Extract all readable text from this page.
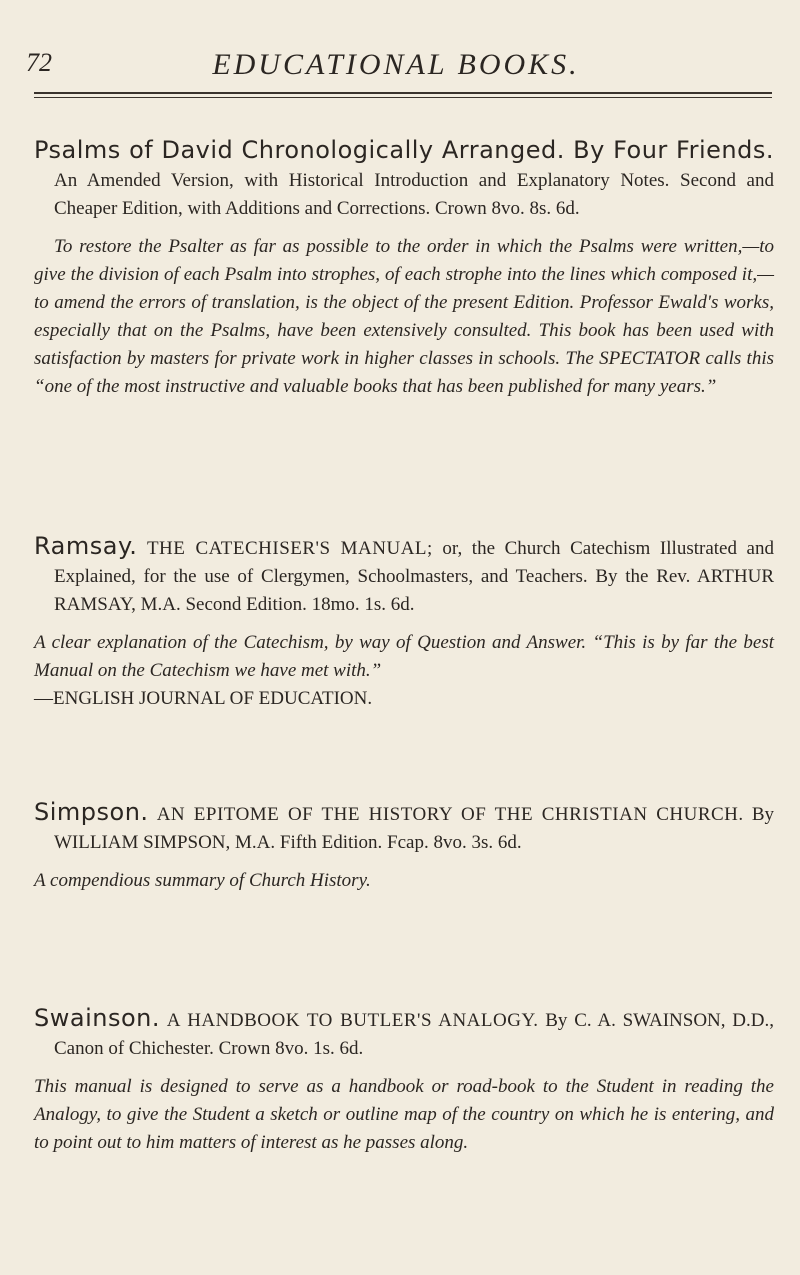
72	EDUCATIONAL BOOKS.

Psalms of David Chronologically Arranged. By Four Friends. An Amended Version, with Historical Introduction and Explanatory Notes. Second and Cheaper Edition, with Additions and Corrections. Crown 8vo. 8s. 6d.

To restore the Psalter as far as possible to the order in which the Psalms were written,—to give the division of each Psalm into strophes, of each strophe into the lines which composed it,—to amend the errors of translation, is the object of the present Edition. Professor Ewald's works, especially that on the Psalms, have been extensively consulted. This book has been used with satisfaction by masters for private work in higher classes in schools. The SPECTATOR calls this “one of the most instructive and valuable books that has been published for many years.”

Ramsay. THE CATECHISER'S MANUAL; or, the Church Catechism Illustrated and Explained, for the use of Clergymen, Schoolmasters, and Teachers. By the Rev. ARTHUR RAMSAY, M.A. Second Edition. 18mo. 1s. 6d.

A clear explanation of the Catechism, by way of Question and Answer. “This is by far the best Manual on the Catechism we have met with.”

—ENGLISH JOURNAL OF EDUCATION.

Simpson. AN EPITOME OF THE HISTORY OF THE CHRISTIAN CHURCH. By WILLIAM SIMPSON, M.A. Fifth Edition. Fcap. 8vo. 3s. 6d.

A compendious summary of Church History.

Swainson. A HANDBOOK TO BUTLER'S ANALOGY. By C. A. SWAINSON, D.D., Canon of Chichester. Crown 8vo. 1s. 6d.

This manual is designed to serve as a handbook or road-book to the Student in reading the Analogy, to give the Student a sketch or outline map of the country on which he is entering, and to point out to him matters of interest as he passes along.
